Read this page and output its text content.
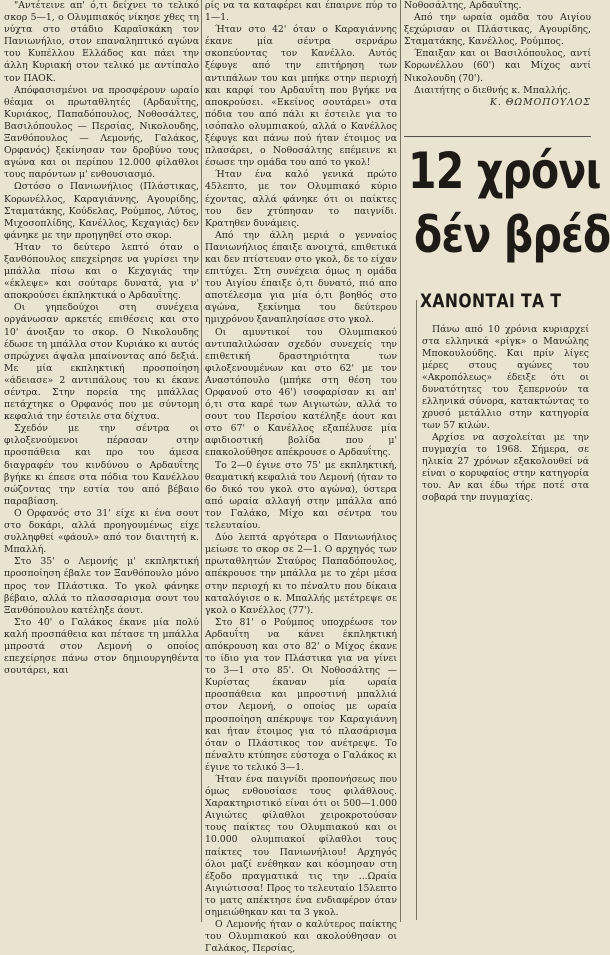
"Αντέτεινε απ' ό,τι δείχνει το τελικό σκορ 5—1, ο Ολυμπιακός νίκησε χθες τη νύχτα στο στάδιο Καραϊσκάκη τον Πανιωνήλιο, στον επαναληπτικό αγώνα του Κυπέλλου Ελλάδος και πάει την άλλη Κυριακή στον τελικό με αντίπαλο τον ΠΑΟΚ.

Απόφασισμένοι να προσφέρουν ωραίο θέαμα οι πρωταθλητές (Αρδαυΐτης, Κυριάκος, Παπαδόπουλος, Νοθοσάλτες, Βασιλόπουλος — Περσίας, Νικολουδης, Ξανθόπουλος — Λεμονής, Γαλάκος, Ορφανός) ξεκίνησαν τον δροβύνο τους αγώνα και οι περίπου 12.000 φίλαθλοι τους παρόντων μ' ενθουσιασμό.

Ωστόσο ο Πανιωνήλιος (Πλάστικας, Κορωνέλλος, Καραγιάννης, Αγουρίδης, Σταματάκης, Κούδελας, Ρούμπος, Λύτος, Μιχοσοπλίδης, Κανέλλος, Κεχαγιάς) δεν φάνηκε με την προηγηθεί στο σκορ.

Ήταν το δεύτερο λεπτό όταν ο ξανθόπουλος επεχείρησε να γυρίσει την μπάλλα πίσω και ο Κεχαγιάς την «έκλεψε» και σούταρε δυνατά, για ν' αποκρούσει έκπληκτικά ο Αρδαυΐτης.

Οι γηπεδούχοι στη συνέχεια οργάνωσαν αρκετές επιθέσεις και στο 10' άνοιξαν το σκορ. Ο Νικολουδης έδωσε τη μπάλλα στον Κυριάκο κι αυτός σπρώχνει άψαλα μπαίνοντας από δεξιά. Με μία εκπληκτική προσποίηση «άδειασε» 2 αντιπάλους του κι έκανε σέντρα. Στην πορεία της μπάλλας πετάχτηκε ο Ορφανός που με σύντομη κεφαλιά την έστειλε στα δίχτυα.

Σχεδόν με την σέντρα οι φιλοξενούμενοι πέρασαν στην προσπάθεια και προ του άμεσα διαγραφέν του κινδύνου ο Αρδαυΐτης βγήκε κι έπεσε στα πόδια του Κανέλλου σώζοντας την εστία του από βέβαιο παραβίαση.

Ο Ορφανός στο 31' είχε κι ένα σουτ στο δοκάρι, αλλά προηγουμένως είχε συλληφθεί «φάουλ» από τον διαιτητή κ. Μπαλλή.

Στο 35' ο Λεμονής μ' εκπληκτική προσποίηση έβαλε τον Ξανθόπουλο μόνο προς τον Πλάστικα. Το γκολ φάνηκε βέβαιο, αλλά το πλασσαρισμα σουτ του Ξανθόπουλου κατέληξε άουτ.

Στο 40' ο Γαλάκος έκανε μία πολύ καλή προσπάθεια και πέτασε τη μπάλλα μπροστά στον Λεμονή ο οποίος επεχείρησε πάνω στον δημιουργηθέντα σουτάρει, και

ρίς να τα καταφέρει και έπαιρνε πύρ το 1—1.

Ήταν στο 42' όταν ο Καραγιάννης έκανε μία σέντρα σερνάρω σκοπεύοντας τον Κανέλλο. Αυτός ξέφυγε από την επιτήρηση των αντιπάλων του και μπήκε στην περιοχή και καρφί του Αρδαυΐτη που βγήκε να αποκρούσει. «Εκείνος σουτάρει» στα πόδια του από πάλι κι έστειλε για το ισόπαλο ολυμπιακού, αλλά ο Κανέλλος ξέφυγε και πάνω πού ήταν έτοιμος να πλασάρει, ο Νοθοσάλτης επέμεινε κι έσωσε την ομάδα του από το γκολ!

Ήταν ένα καλό γενικά πρώτο 45λεπτο, με τον Ολυμπιακό κύριο έχοντας, αλλά φάνηκε ότι οι παίκτες του δεν χτύπησαν το παιγνίδι. Κρατηθεν δυνάμεις.

Από την άλλη μεριά ο γενναίος Πανιωνήλιος έπαιξε ανοιχτά, επιθετικά και δεν πτίστευαν στο γκολ, δε το είχαν επιτύχει. Στη συνέχεια όμως η ομάδα του Αιγίου έπαιξε ό,τι δυνατό, πιό απο αποτέλεσμα για μία ό,τι βοηθός στο αγώνα, ξεκίνημα του δεύτερου ημιχρόνου ξαναπλησίασε στο γκολ.

Οι αμυντικοί του Ολυμπιακού αντιπαλιλώσαν σχεδόν συνεχείς την επιθετική δραστηριότητα των φιλοξενουμένων και στο 62' με τον Αναστόπουλο (μπήκε στη θέση του Ορφανού στο 46') ισοφαρίσαν κι απ' ό,τι στα καρέ των Αιγιωτών, αλλά το σουτ του Περσίου κατέληξε άουτ και στο 67' ο Κανέλλος εξαπέλυσε μία αφιδιοστική βολίδα που μ' επακολούθησε απέκρουσε ο Αρδαυΐτης.

Το 2—0 έγινε στο 75' με εκπληκτική, θεαματική κεφαλιά του Λεμονή (ήταν το 6ο δικό του γκολ στο αγώνα), ύστερα από ωραία αλλαγή στην μπάλλα από τον Γαλάκο, Μίχο και σέντρα του τελευταίου.

Δύο λεπτά αργότερα ο Πανιωνήλιος μείωσε το σκορ σε 2—1. Ο αρχηγός των πρωταθλητών Σταύρος Παπαδόπουλος, απέκρουσε την μπάλλα με το χέρι μέσα στην περιοχή κι το πέναλτυ που δίκαια καταλόγισε ο κ. Μπαλλής μετέτρεψε σε γκολ ο Κανέλλος (77').

Στο 81' ο Ρούμπος υποχρέωσε τον Αρδαυΐτη να κάνει έκπληκτική απόκρουση και στο 82' ο Μίχος έκανε το ίδιο για τον Πλάστικα για να γίνει το 3—1 στο 85'. Οι Νοθοσάλτης — Κυρίστας έκαναν μία ωραία προσπάθεια και μπροστινή μπαλλιά στον Λεμονή, ο οποίος με ωραία προσποίηση απέκρυψε τον Καραγιάννη και ήταν έτοιμος για τό πλασάρισμα όταν ο Πλάστικος τον ανέτρεψε. Το πέναλτυ κτύπησε εύστοχα ο Γαλάκος κι έγινε το τελικό 3—1.

Ήταν ένα παιγνίδι προπονήσεως που όμως ενθουσίασε τους φιλάθλους. Χαρακτηριστικό είναι ότι οι 500—1.000 Αιγιώτες φίλαθλοι χειροκροτούσαν τους παίκτες του Ολυμπιακού και οι 10.000 ολυμπιακοί φίλαθλοι τους παίκτες του Πανιωνήλιου! Αρχηγός όλοι μαζί ενέθηκαν και κόσμησαν στη έξοδο πραγματικά τις την ...Ωραία Αιγιώτισσα! Προς το τελευταίο 15λεπτο το ματς απέκτησε ένα ενδιαφέρον όταν σημειώθηκαν και τα 3 γκολ.

Ο Λεμονής ήταν ο καλύτερος παίκτης του Ολυμπιακού και ακολούθησαν οι Γαλάκος, Περσίας,

Νοθοσάλτης, Αρδαυΐτης.

Από την ωραία ομάδα του Αιγίου ξεχώρισαν οι Πλάστικας, Αγουρίδης, Σταματάκης, Κανέλλος, Ρούμπος.

Έπαιξαν και οι Βασιλόπουλος, αντί Κορωνέλλου (60') και Μίχος αντί Νικολουδη (70').

Διαιτήτης ο διεθνής κ. Μπαλλής.

Κ. ΘΩΜΟΠΟΥΛΟΣ

12 χρόνι
δέν βρέδ
ΧΑΝΟΝΤΑΙ ΤΑ Τ

Πάνω από 10 χρόνια κυριαρχεί στα ελληνικά «ρίγκ» ο Μανώλης Μποκουλούδης. Και πρίν λίγες μέρες στους αγώνες του «Ακροπόλεως» έδειξε ότι οι δυνατότητες του ξεπερνούν τα ελληνικά σύνορα, κατακτώντας το χρυσό μετάλλιο στην κατηγορία των 57 κιλών.

Αρχίσε να ασχολείται με την πυγμαχία το 1968. Σήμερα, σε ηλικία 27 χρόνων εξακολουθεί νά είναι ο κορυφαίος στην κατηγορία του. Αν και έδω τήρε ποτέ στα σοβαρά την πυγμαχίας.
